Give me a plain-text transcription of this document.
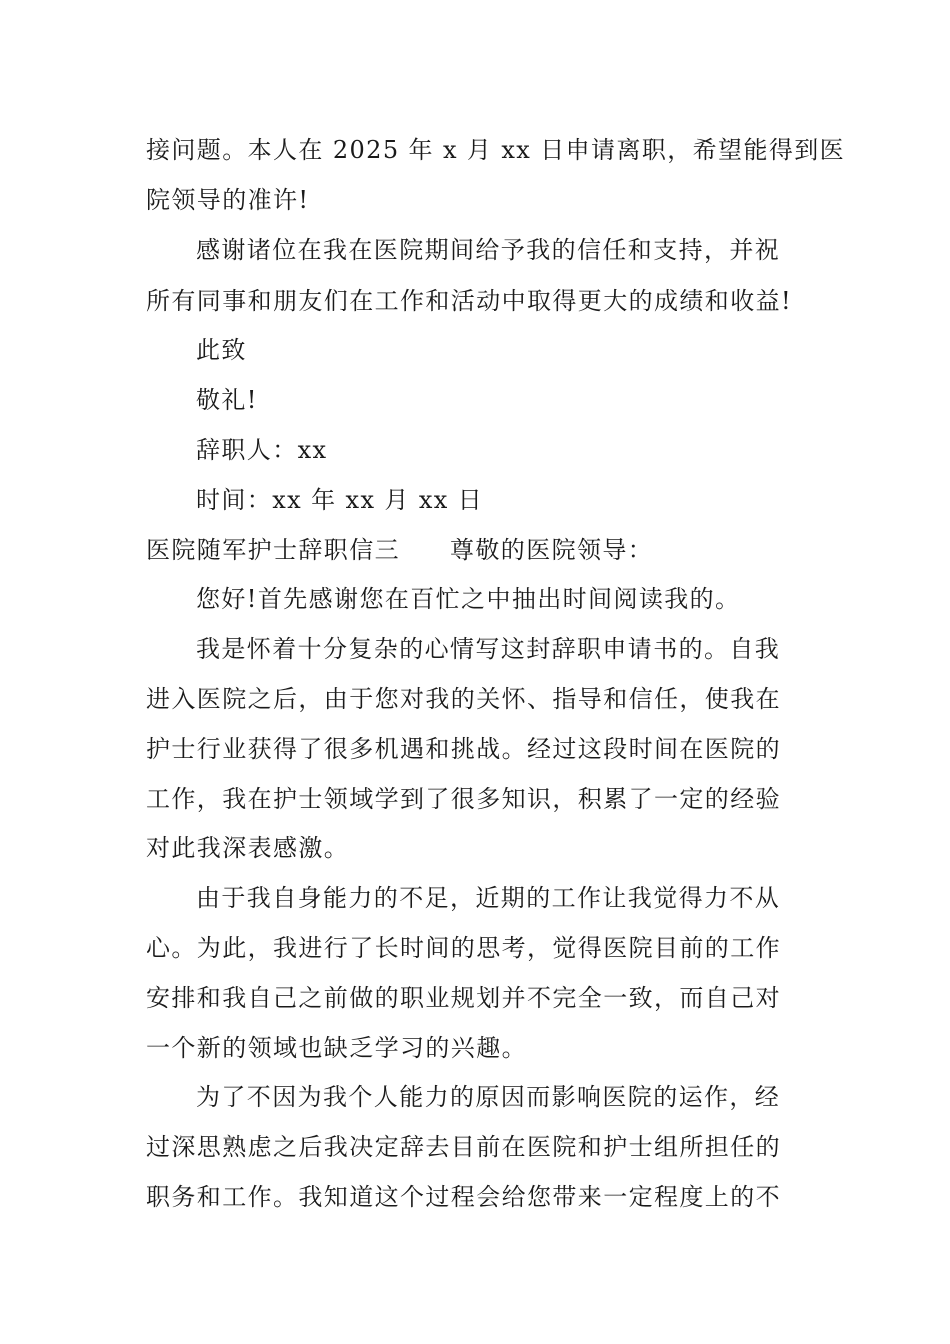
接问题。本人在 2025 年 x 月 xx 日申请离职，希望能得到医

院领导的准许!

感谢诸位在我在医院期间给予我的信任和支持，并祝

所有同事和朋友们在工作和活动中取得更大的成绩和收益!

此致

敬礼!

辞职人：xx

时间：xx 年 xx 月 xx 日

医院随军护士辞职信三 尊敬的医院领导：

您好!首先感谢您在百忙之中抽出时间阅读我的。

我是怀着十分复杂的心情写这封辞职申请书的。自我

进入医院之后，由于您对我的关怀、指导和信任，使我在

护士行业获得了很多机遇和挑战。经过这段时间在医院的

工作，我在护士领域学到了很多知识，积累了一定的经验

对此我深表感激。

由于我自身能力的不足，近期的工作让我觉得力不从

心。为此，我进行了长时间的思考，觉得医院目前的工作

安排和我自己之前做的职业规划并不完全一致，而自己对

一个新的领域也缺乏学习的兴趣。

为了不因为我个人能力的原因而影响医院的运作，经

过深思熟虑之后我决定辞去目前在医院和护士组所担任的

职务和工作。我知道这个过程会给您带来一定程度上的不
